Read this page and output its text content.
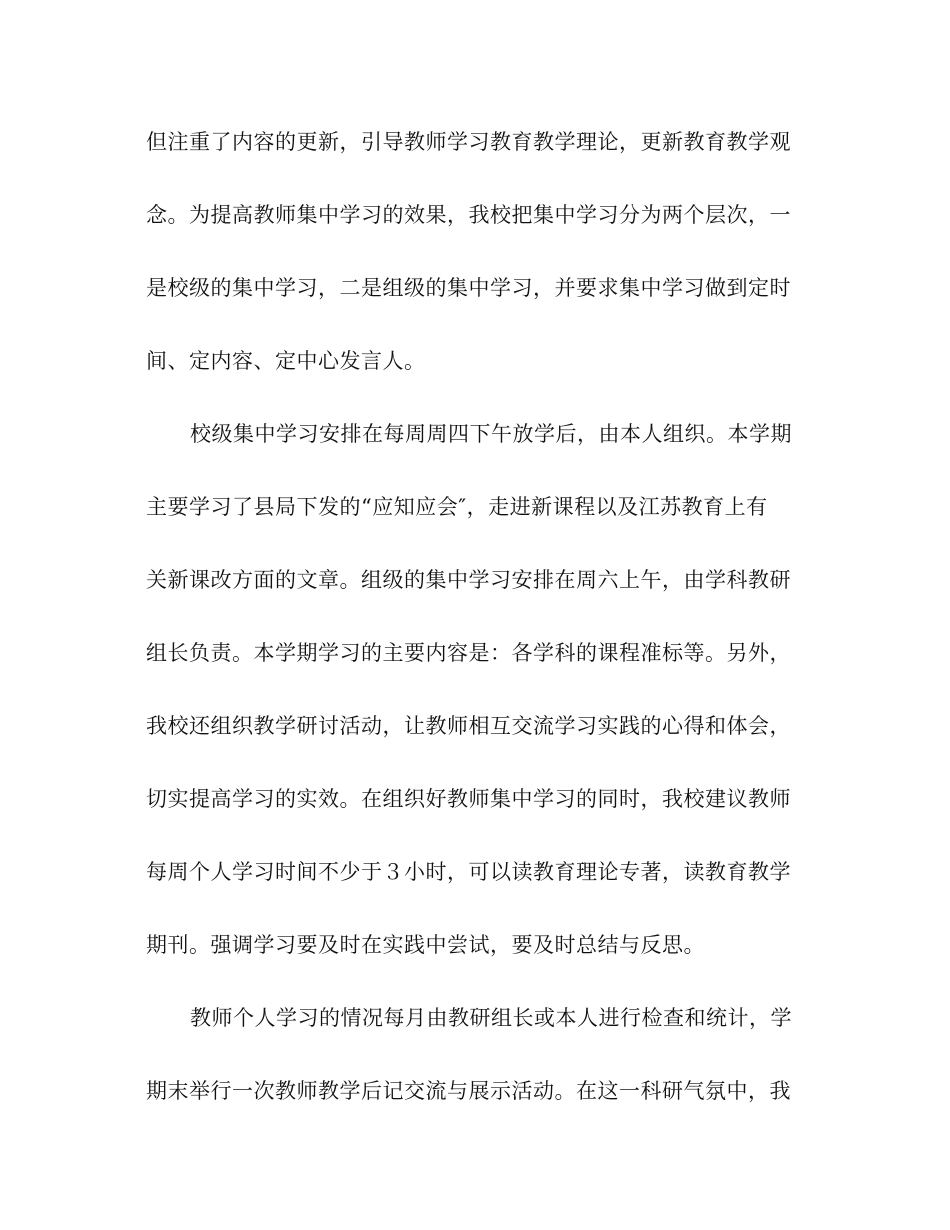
但注重了内容的更新，引导教师学习教育教学理论，更新教育教学观
念。为提高教师集中学习的效果，我校把集中学习分为两个层次，一
是校级的集中学习，二是组级的集中学习，并要求集中学习做到定时
间、定内容、定中心发言人。
校级集中学习安排在每周周四下午放学后，由本人组织。本学期
主要学习了县局下发的“应知应会″，走进新课程以及江苏教育上有
关新课改方面的文章。组级的集中学习安排在周六上午，由学科教研
组长负责。本学期学习的主要内容是：各学科的课程准标等。另外，
我校还组织教学研讨活动，让教师相互交流学习实践的心得和体会，
切实提高学习的实效。在组织好教师集中学习的同时，我校建议教师
每周个人学习时间不少于３小时，可以读教育理论专著，读教育教学
期刊。强调学习要及时在实践中尝试，要及时总结与反思。
教师个人学习的情况每月由教研组长或本人进行检查和统计，学
期末举行一次教师教学后记交流与展示活动。在这一科研气氛中，我
